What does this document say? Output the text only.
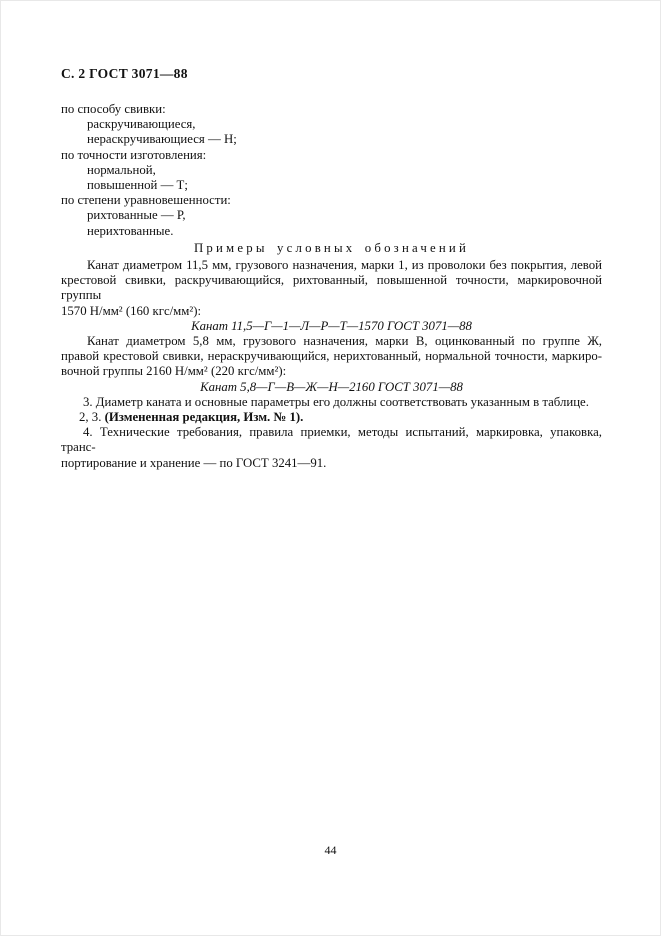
С. 2 ГОСТ 3071—88
по способу свивки:
раскручивающиеся,
нераскручивающиеся — Н;
по точности изготовления:
нормальной,
повышенной — Т;
по степени уравновешенности:
рихтованные — Р,
нерихтованные.
Примеры условных обозначений
Канат диаметром 11,5 мм, грузового назначения, марки 1, из проволоки без покрытия, левой
крестовой свивки, раскручивающийся, рихтованный, повышенной точности, маркировочной группы
1570 Н/мм² (160 кгс/мм²):
Канат 11,5—Г—1—Л—Р—Т—1570 ГОСТ 3071—88
Канат диаметром 5,8 мм, грузового назначения, марки В, оцинкованный по группе Ж,
правой крестовой свивки, нераскручивающийся, нерихтованный, нормальной точности, маркиро-
вочной группы 2160 Н/мм² (220 кгс/мм²):
Канат 5,8—Г—В—Ж—Н—2160 ГОСТ 3071—88
3. Диаметр каната и основные параметры его должны соответствовать указанным в таблице.
2, 3. (Измененная редакция, Изм. № 1).
4. Технические требования, правила приемки, методы испытаний, маркировка, упаковка, транс-
портирование и хранение — по ГОСТ 3241—91.
44
